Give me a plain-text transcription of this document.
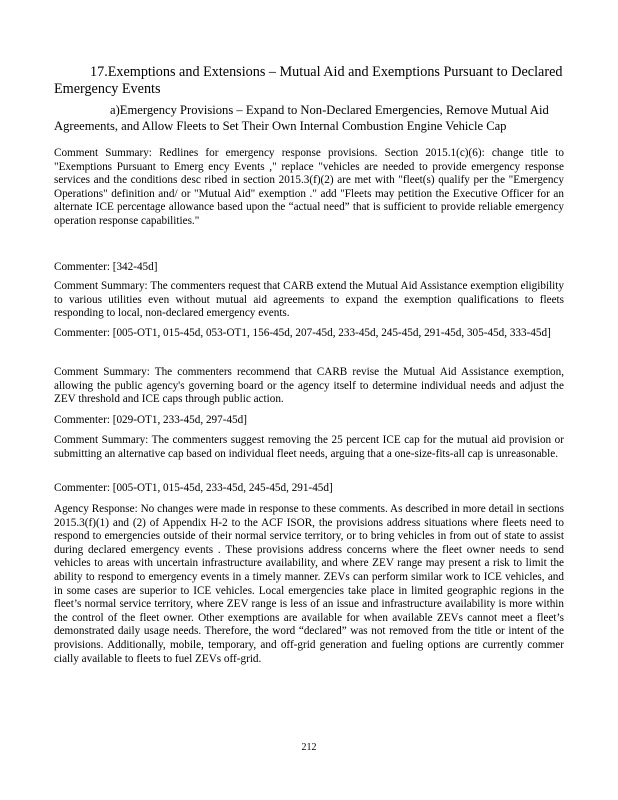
17.Exemptions and Extensions – Mutual Aid and Exemptions Pursuant to Declared Emergency Events
a)Emergency Provisions – Expand to Non-Declared Emergencies, Remove Mutual Aid Agreements, and Allow Fleets to Set Their Own Internal Combustion Engine Vehicle Cap

Comment Summary: Redlines for emergency response provisions. Section 2015.1(c)(6): change title to "Exemptions Pursuant to Emerg ency Events ," replace "vehicles are needed to provide emergency response services and the conditions desc ribed in section 2015.3(f)(2) are met with "fleet(s) qualify per the "Emergency Operations" definition and/ or "Mutual Aid" exemption ." add "Fleets may petition the Executive Officer for an alternate ICE percentage allowance based upon the “actual need” that is sufficient to provide reliable emergency operation response capabilities."

Commenter: [342-45d]

Comment Summary: The commenters request that CARB extend the Mutual Aid Assistance exemption eligibility to various utilities even without mutual aid agreements to expand the exemption qualifications to fleets responding to local, non-declared emergency events.

Commenter: [005-OT1, 015-45d, 053-OT1, 156-45d, 207-45d, 233-45d, 245-45d, 291-45d, 305-45d, 333-45d]

Comment Summary: The commenters recommend that CARB revise the Mutual Aid Assistance exemption, allowing the public agency's governing board or the agency itself to determine individual needs and adjust the ZEV threshold and ICE caps through public action.

Commenter: [029-OT1, 233-45d, 297-45d]

Comment Summary: The commenters suggest removing the 25 percent ICE cap for the mutual aid provision or submitting an alternative cap based on individual fleet needs, arguing that a one-size-fits-all cap is unreasonable.

Commenter: [005-OT1, 015-45d, 233-45d, 245-45d, 291-45d]

Agency Response: No changes were made in response to these comments. As described in more detail in sections 2015.3(f)(1) and (2) of Appendix H-2 to the ACF ISOR, the provisions address situations where fleets need to respond to emergencies outside of their normal service territory, or to bring vehicles in from out of state to assist during declared emergency events . These provisions address concerns where the fleet owner needs to send vehicles to areas with uncertain infrastructure availability, and where ZEV range may present a risk to limit the ability to respond to emergency events in a timely manner. ZEVs can perform similar work to ICE vehicles, and in some cases are superior to ICE vehicles. Local emergencies take place in limited geographic regions in the fleet’s normal service territory, where ZEV range is less of an issue and infrastructure availability is more within the control of the fleet owner. Other exemptions are available for when available ZEVs cannot meet a fleet’s demonstrated daily usage needs. Therefore, the word “declared” was not removed from the title or intent of the provisions. Additionally, mobile, temporary, and off-grid generation and fueling options are currently commer cially available to fleets to fuel ZEVs off-grid.

212
